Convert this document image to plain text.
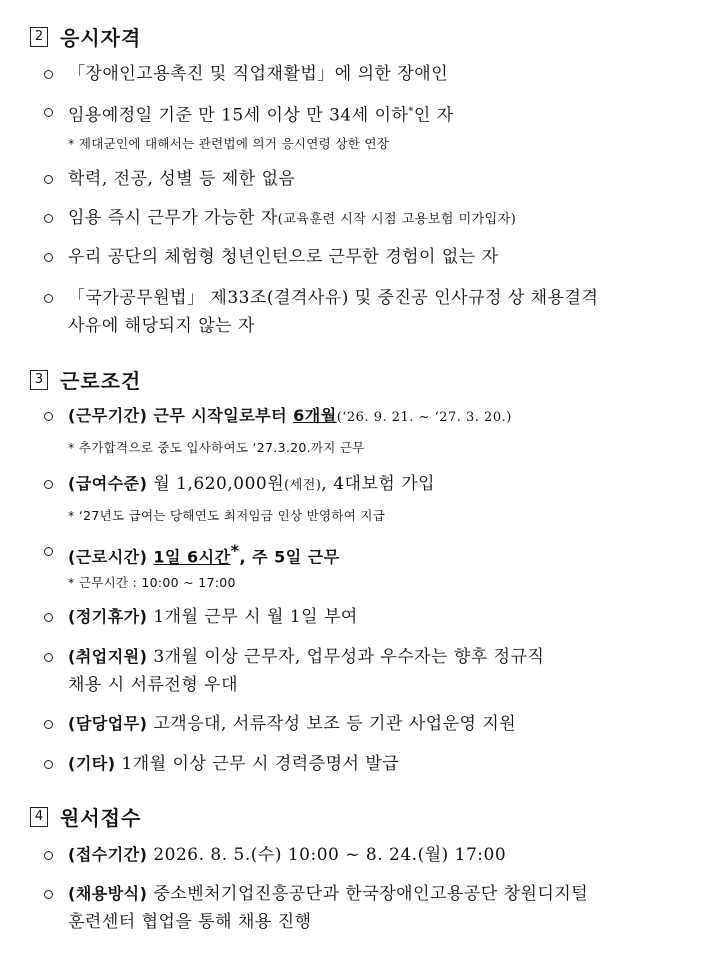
2 응시자격
「장애인고용촉진 및 직업재활법」에 의한 장애인
임용예정일 기준 만 15세 이상 만 34세 이하*인 자
* 제대군인에 대해서는 관련법에 의거 응시연령 상한 연장
학력, 전공, 성별 등 제한 없음
임용 즉시 근무가 가능한 자(교육훈련 시작 시점 고용보험 미가입자)
우리 공단의 체험형 청년인턴으로 근무한 경험이 없는 자
「국가공무원법」 제33조(결격사유) 및 중진공 인사규정 상 채용결격
사유에 해당되지 않는 자
3 근로조건
(근무기간) 근무 시작일로부터 6개월(‘26. 9. 21. ~ ‘27. 3. 20.)
* 추가합격으로 중도 입사하여도 ‘27.3.20.까지 근무
(급여수준) 월 1,620,000원(세전), 4대보험 가입
* ‘27년도 급여는 당해연도 최저임금 인상 반영하여 지급
(근로시간) 1일 6시간*, 주 5일 근무
* 근무시간 : 10:00 ~ 17:00
(정기휴가) 1개월 근무 시 월 1일 부여
(취업지원) 3개월 이상 근무자, 업무성과 우수자는 향후 정규직
채용 시 서류전형 우대
(담당업무) 고객응대, 서류작성 보조 등 기관 사업운영 지원
(기타) 1개월 이상 근무 시 경력증명서 발급
4 원서접수
(접수기간) 2026. 8. 5.(수) 10:00 ~ 8. 24.(월) 17:00
(채용방식) 중소벤처기업진흥공단과 한국장애인고용공단 창원디지털
훈련센터 협업을 통해 채용 진행
